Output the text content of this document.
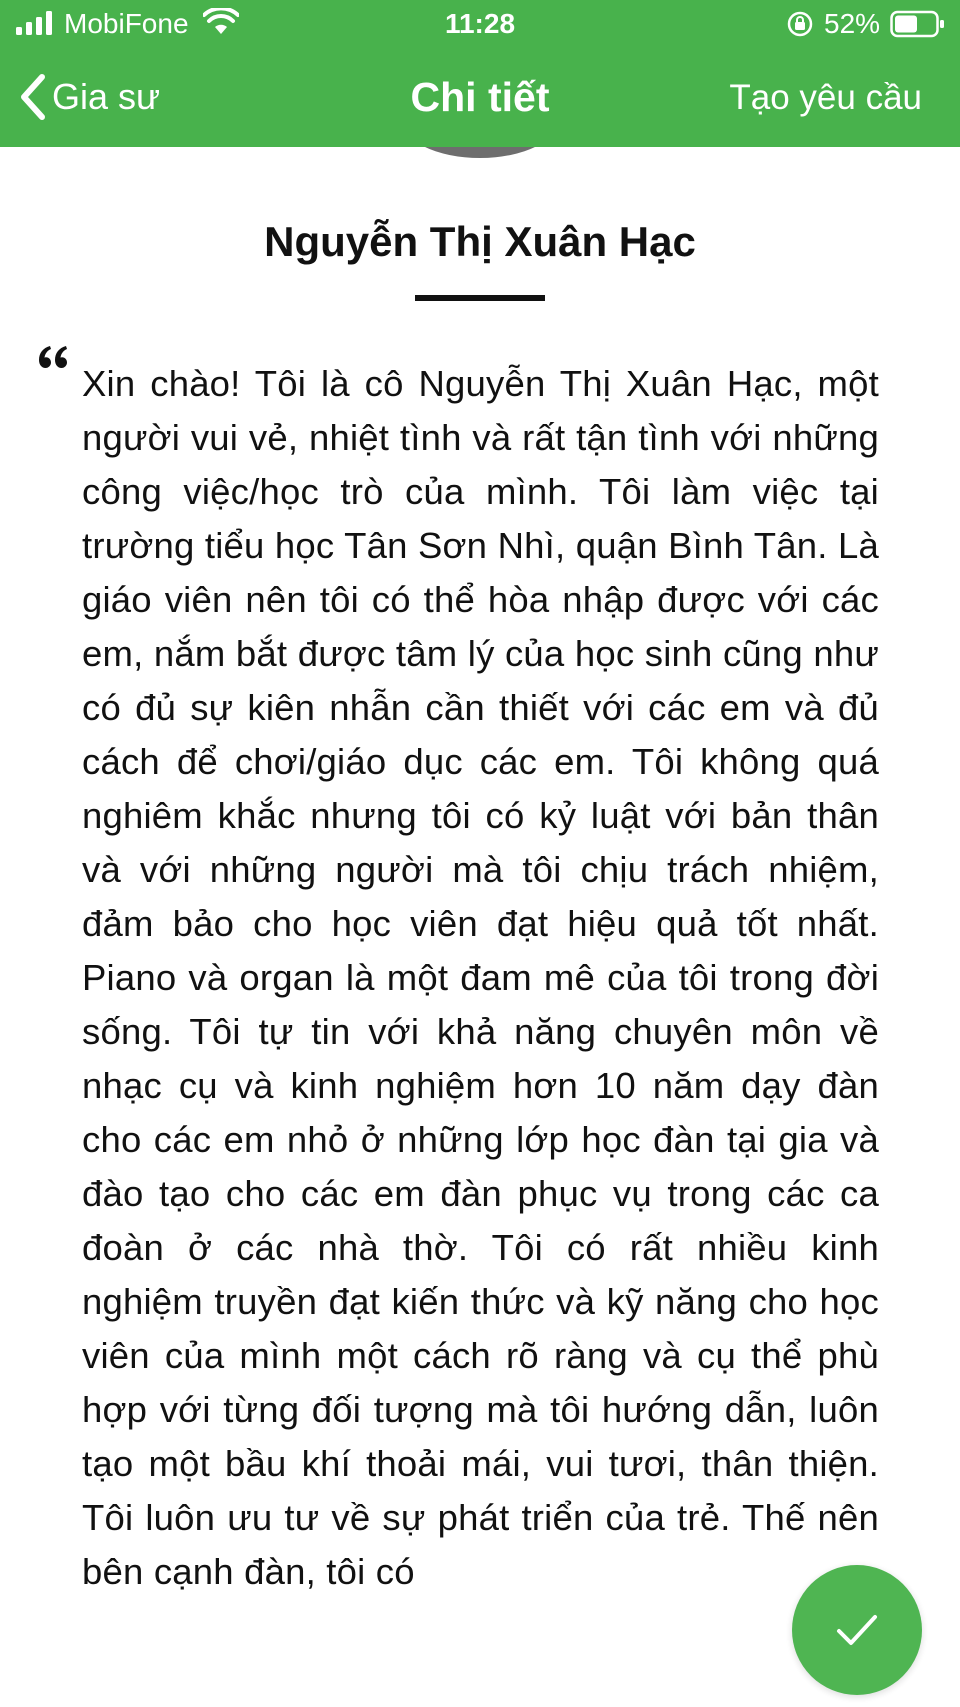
MobiFone	11:28	52%
Gia sư	Chi tiết	Tạo yêu cầu
Nguyễn Thị Xuân Hạc

Xin chào! Tôi là cô Nguyễn Thị Xuân Hạc, một người vui vẻ, nhiệt tình và rất tận tình với những công việc/học trò của mình. Tôi làm việc tại trường tiểu học Tân Sơn Nhì, quận Bình Tân. Là giáo viên nên tôi có thể hòa nhập được với các em, nắm bắt được tâm lý của học sinh cũng như có đủ sự kiên nhẫn cần thiết với các em và đủ cách để chơi/giáo dục các em. Tôi không quá nghiêm khắc nhưng tôi có kỷ luật với bản thân và với những người mà tôi chịu trách nhiệm, đảm bảo cho học viên đạt hiệu quả tốt nhất. Piano và organ là một đam mê của tôi trong đời sống. Tôi tự tin với khả năng chuyên môn về nhạc cụ và kinh nghiệm hơn 10 năm dạy đàn cho các em nhỏ ở những lớp học đàn tại gia và đào tạo cho các em đàn phục vụ trong các ca đoàn ở các nhà thờ. Tôi có rất nhiều kinh nghiệm truyền đạt kiến thức và kỹ năng cho học viên của mình một cách rõ ràng và cụ thể phù hợp với từng đối tượng mà tôi hướng dẫn, luôn tạo một bầu khí thoải mái, vui tươi, thân thiện. Tôi luôn ưu tư về sự phát triển của trẻ. Thế nên bên cạnh đàn, tôi có
